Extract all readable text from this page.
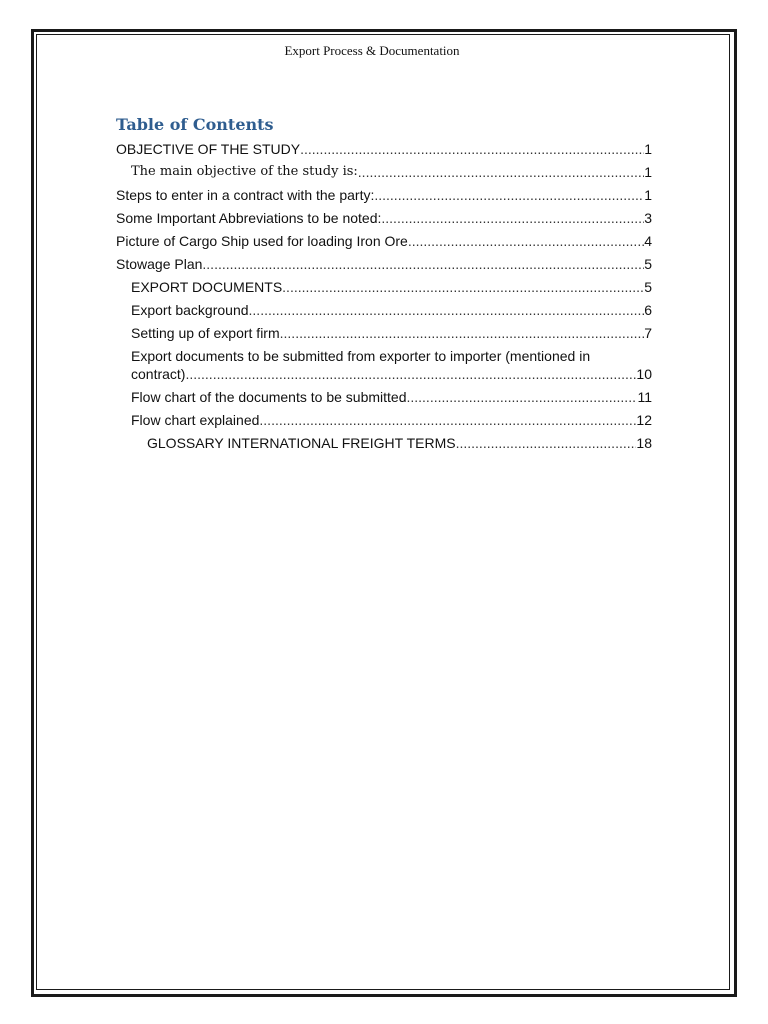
Export Process & Documentation
Table of Contents
OBJECTIVE OF THE STUDY .....	1
The main objective of the study is: .....	1
Steps to enter in a contract with the party: .....	1
Some Important Abbreviations to be noted: .....	3
Picture of Cargo Ship used for loading Iron Ore .....	4
Stowage Plan .....	5
EXPORT DOCUMENTS .....	5
Export background .....	6
Setting up of export firm .....	7
Export documents to be submitted from exporter to importer (mentioned in
contract) .....	10
Flow chart of the documents to be submitted .....	11
Flow chart explained .....	12
GLOSSARY INTERNATIONAL FREIGHT TERMS .....	18
